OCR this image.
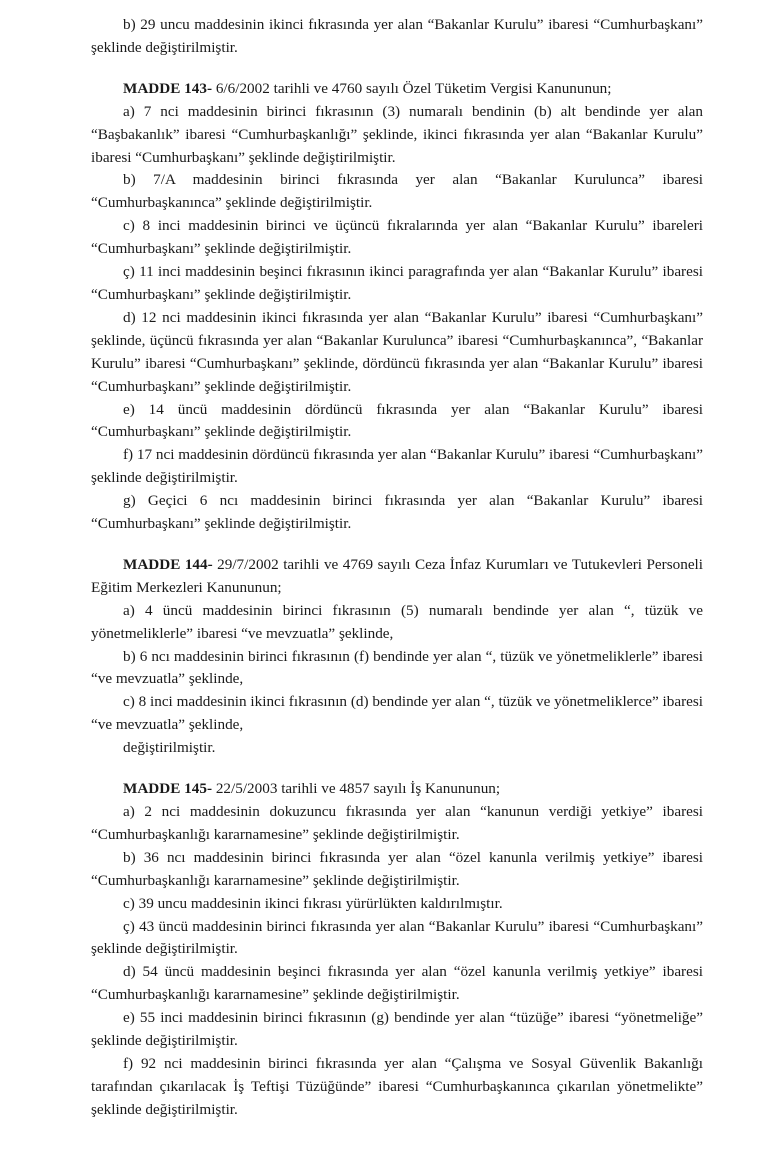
b) 29 uncu maddesinin ikinci fıkrasında yer alan “Bakanlar Kurulu” ibaresi “Cumhurbaşkanı” şeklinde değiştirilmiştir.

MADDE 143- 6/6/2002 tarihli ve 4760 sayılı Özel Tüketim Vergisi Kanununun;

a) 7 nci maddesinin birinci fıkrasının (3) numaralı bendinin (b) alt bendinde yer alan “Başbakanlık” ibaresi “Cumhurbaşkanlığı” şeklinde, ikinci fıkrasında yer alan “Bakanlar Kurulu” ibaresi “Cumhurbaşkanı” şeklinde değiştirilmiştir.

b) 7/A maddesinin birinci fıkrasında yer alan “Bakanlar Kurulunca” ibaresi “Cumhurbaşkanınca” şeklinde değiştirilmiştir.

c) 8 inci maddesinin birinci ve üçüncü fıkralarında yer alan “Bakanlar Kurulu” ibareleri “Cumhurbaşkanı” şeklinde değiştirilmiştir.

ç) 11 inci maddesinin beşinci fıkrasının ikinci paragrafında yer alan “Bakanlar Kurulu” ibaresi “Cumhurbaşkanı” şeklinde değiştirilmiştir.

d) 12 nci maddesinin ikinci fıkrasında yer alan “Bakanlar Kurulu” ibaresi “Cumhurbaşkanı” şeklinde, üçüncü fıkrasında yer alan “Bakanlar Kurulunca” ibaresi “Cumhurbaşkanınca”, “Bakanlar Kurulu” ibaresi “Cumhurbaşkanı” şeklinde, dördüncü fıkrasında yer alan “Bakanlar Kurulu” ibaresi “Cumhurbaşkanı” şeklinde değiştirilmiştir.

e) 14 üncü maddesinin dördüncü fıkrasında yer alan “Bakanlar Kurulu” ibaresi “Cumhurbaşkanı” şeklinde değiştirilmiştir.

f) 17 nci maddesinin dördüncü fıkrasında yer alan “Bakanlar Kurulu” ibaresi “Cumhurbaşkanı” şeklinde değiştirilmiştir.

g) Geçici 6 ncı maddesinin birinci fıkrasında yer alan “Bakanlar Kurulu” ibaresi “Cumhurbaşkanı” şeklinde değiştirilmiştir.

MADDE 144- 29/7/2002 tarihli ve 4769 sayılı Ceza İnfaz Kurumları ve Tutukevleri Personeli Eğitim Merkezleri Kanununun;

a) 4 üncü maddesinin birinci fıkrasının (5) numaralı bendinde yer alan “, tüzük ve yönetmeliklerle” ibaresi “ve mevzuatla” şeklinde,

b) 6 ncı maddesinin birinci fıkrasının (f) bendinde yer alan “, tüzük ve yönetmeliklerle” ibaresi “ve mevzuatla” şeklinde,

c) 8 inci maddesinin ikinci fıkrasının (d) bendinde yer alan “, tüzük ve yönetmeliklerce” ibaresi “ve mevzuatla” şeklinde,

değiştirilmiştir.

MADDE 145- 22/5/2003 tarihli ve 4857 sayılı İş Kanununun;

a) 2 nci maddesinin dokuzuncu fıkrasında yer alan “kanunun verdiği yetkiye” ibaresi “Cumhurbaşkanlığı kararnamesine” şeklinde değiştirilmiştir.

b) 36 ncı maddesinin birinci fıkrasında yer alan “özel kanunla verilmiş yetkiye” ibaresi “Cumhurbaşkanlığı kararnamesine” şeklinde değiştirilmiştir.

c) 39 uncu maddesinin ikinci fıkrası yürürlükten kaldırılmıştır.

ç) 43 üncü maddesinin birinci fıkrasında yer alan “Bakanlar Kurulu” ibaresi “Cumhurbaşkanı” şeklinde değiştirilmiştir.

d) 54 üncü maddesinin beşinci fıkrasında yer alan “özel kanunla verilmiş yetkiye” ibaresi “Cumhurbaşkanlığı kararnamesine” şeklinde değiştirilmiştir.

e) 55 inci maddesinin birinci fıkrasının (g) bendinde yer alan “tüzüğe” ibaresi “yönetmeliğe” şeklinde değiştirilmiştir.

f) 92 nci maddesinin birinci fıkrasında yer alan “Çalışma ve Sosyal Güvenlik Bakanlığı tarafından çıkarılacak İş Teftişi Tüzüğünde” ibaresi “Cumhurbaşkanınca çıkarılan yönetmelikte” şeklinde değiştirilmiştir.
